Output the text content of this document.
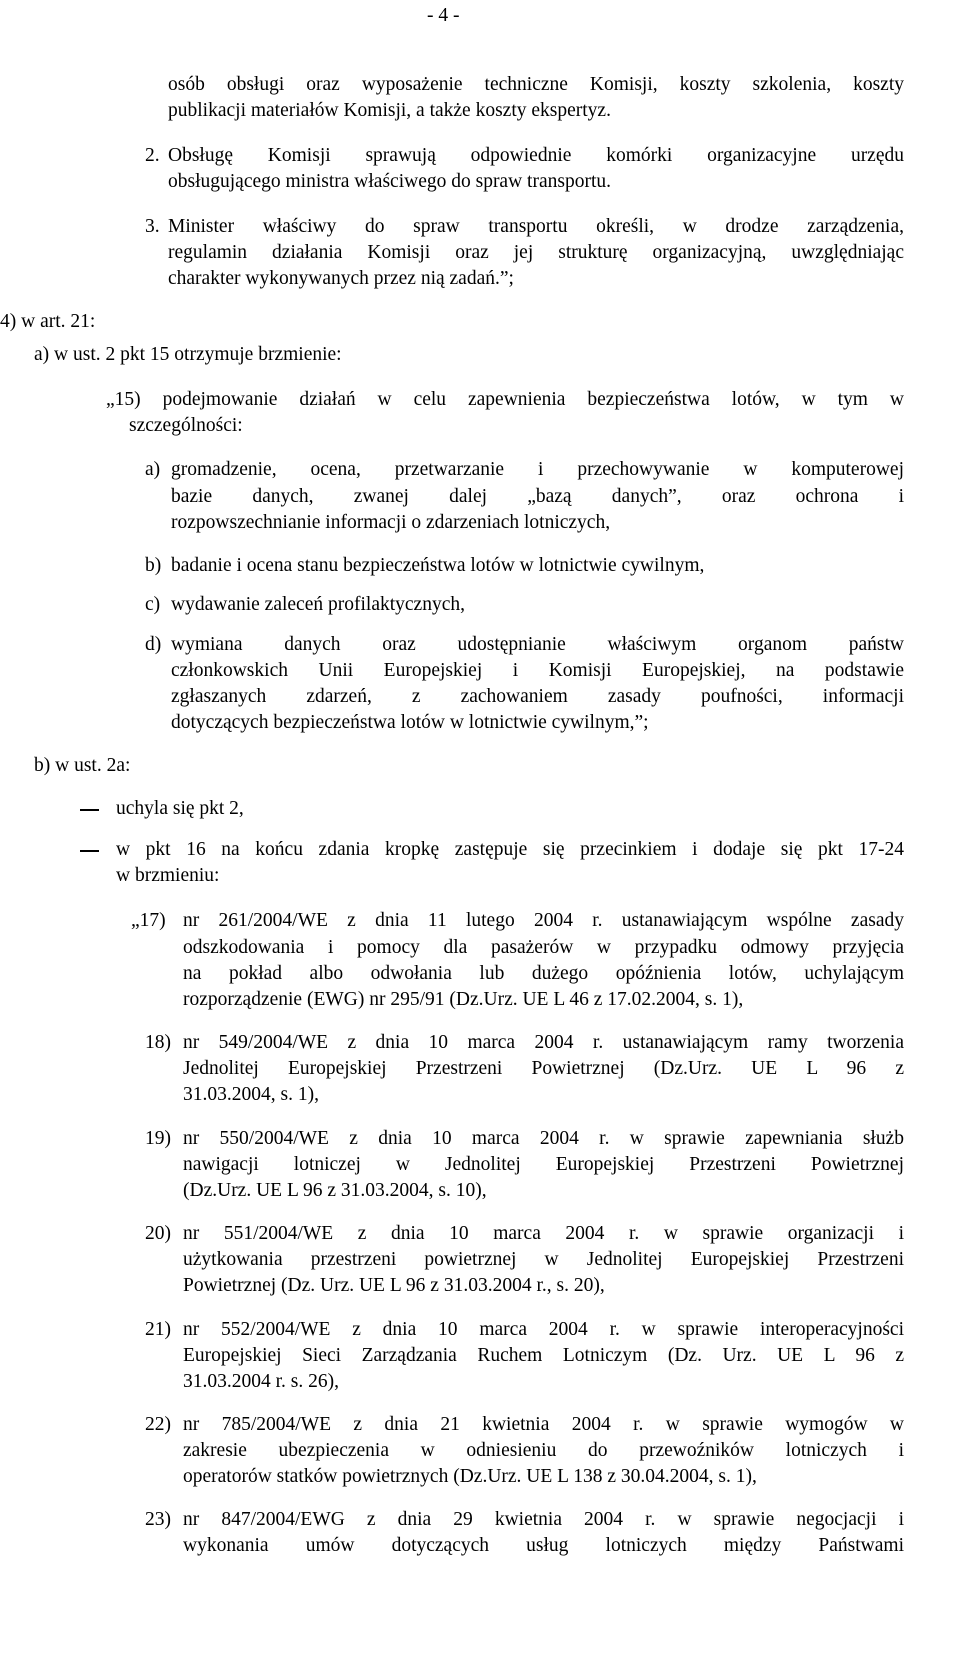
- 4 -
osób obsługi oraz wyposażenie techniczne Komisji, koszty szkolenia, koszty
publikacji materiałów Komisji, a także koszty ekspertyz.
2. Obsługę Komisji sprawują odpowiednie komórki organizacyjne urzędu
obsługującego ministra właściwego do spraw transportu.
3. Minister właściwy do spraw transportu określi, w drodze zarządzenia,
regulamin działania Komisji oraz jej strukturę organizacyjną, uwzględniając
charakter wykonywanych przez nią zadań.”;
4) w art. 21:
a) w ust. 2 pkt 15 otrzymuje brzmienie:
„15) podejmowanie działań w celu zapewnienia bezpieczeństwa lotów, w tym w
szczególności:
a) gromadzenie, ocena, przetwarzanie i przechowywanie w komputerowej
bazie danych, zwanej dalej „bazą danych”, oraz ochrona i
rozpowszechnianie informacji o zdarzeniach lotniczych,
b) badanie i ocena stanu bezpieczeństwa lotów w lotnictwie cywilnym,
c) wydawanie zaleceń profilaktycznych,
d) wymiana danych oraz udostępnianie właściwym organom państw
członkowskich Unii Europejskiej i Komisji Europejskiej, na podstawie
zgłaszanych zdarzeń, z zachowaniem zasady poufności, informacji
dotyczących bezpieczeństwa lotów w lotnictwie cywilnym,”;
b) w ust. 2a:
uchyla się pkt 2,
w pkt 16 na końcu zdania kropkę zastępuje się przecinkiem i dodaje się pkt 17-24
w brzmieniu:
„17) nr 261/2004/WE z dnia 11 lutego 2004 r. ustanawiającym wspólne zasady
odszkodowania i pomocy dla pasażerów w przypadku odmowy przyjęcia
na pokład albo odwołania lub dużego opóźnienia lotów, uchylającym
rozporządzenie (EWG) nr 295/91 (Dz.Urz. UE L 46 z 17.02.2004, s. 1),
18) nr 549/2004/WE z dnia 10 marca 2004 r. ustanawiającym ramy tworzenia
Jednolitej Europejskiej Przestrzeni Powietrznej (Dz.Urz. UE L 96 z
31.03.2004, s. 1),
19) nr 550/2004/WE z dnia 10 marca 2004 r. w sprawie zapewniania służb
nawigacji lotniczej w Jednolitej Europejskiej Przestrzeni Powietrznej
(Dz.Urz. UE L 96 z 31.03.2004, s. 10),
20) nr 551/2004/WE z dnia 10 marca 2004 r. w sprawie organizacji i
użytkowania przestrzeni powietrznej w Jednolitej Europejskiej Przestrzeni
Powietrznej (Dz. Urz. UE L 96 z 31.03.2004 r., s. 20),
21) nr 552/2004/WE z dnia 10 marca 2004 r. w sprawie interoperacyjności
Europejskiej Sieci Zarządzania Ruchem Lotniczym (Dz. Urz. UE L 96 z
31.03.2004 r. s. 26),
22) nr 785/2004/WE z dnia 21 kwietnia 2004 r. w sprawie wymogów w
zakresie ubezpieczenia w odniesieniu do przewoźników lotniczych i
operatorów statków powietrznych (Dz.Urz. UE L 138 z 30.04.2004, s. 1),
23) nr 847/2004/EWG z dnia 29 kwietnia 2004 r. w sprawie negocjacji i
wykonania umów dotyczących usług lotniczych między Państwami
